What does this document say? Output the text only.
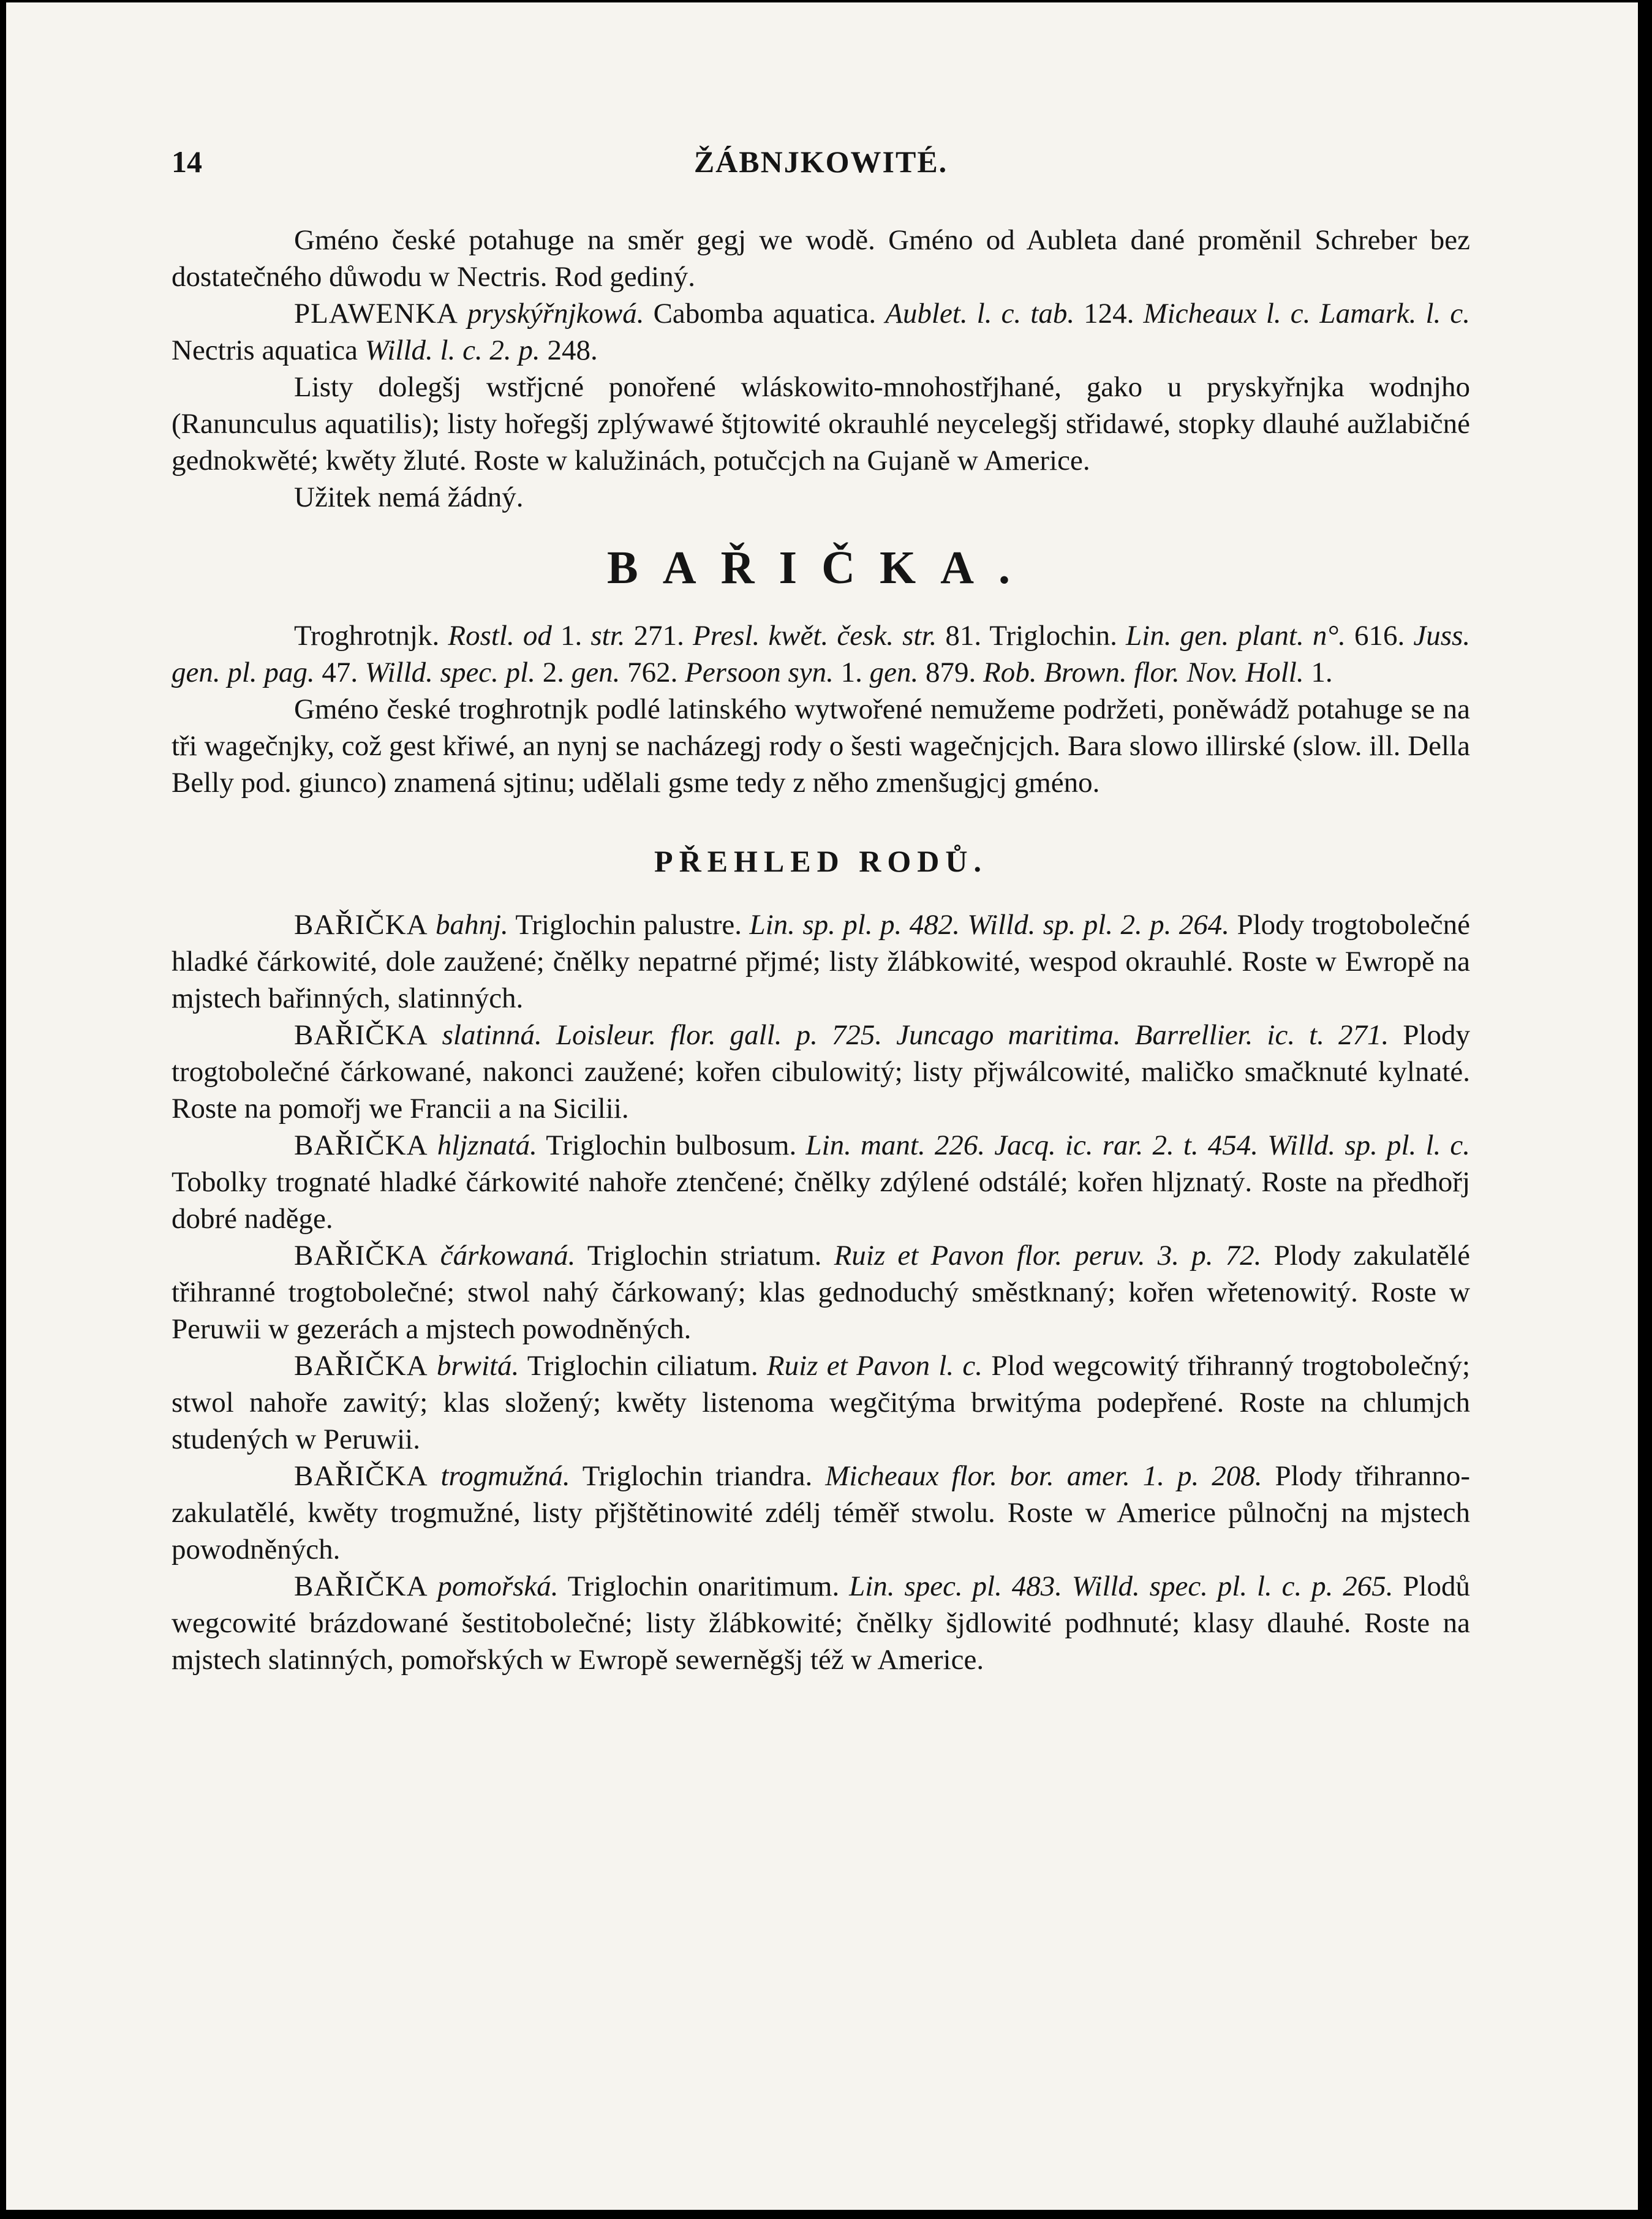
14	ŽÁBNJKOWITÉ.

Gméno české potahuge na směr gegj we wodě. Gméno od Aubleta dané proměnil Schreber bez dostatečného důwodu w Nectris. Rod gediný.

PLAWENKA pryskýřnjkowá. Cabomba aquatica. Aublet. l. c. tab. 124. Micheaux l. c. Lamark. l. c. Nectris aquatica Willd. l. c. 2. p. 248.

Listy dolegšj wstřjcné ponořené wláskowito-mnohostřjhané, gako u pryskyřnjka wodnjho (Ranunculus aquatilis); listy hořegšj zplýwawé štjtowité okrauhlé neycelegšj střidawé, stopky dlauhé aužlabičné gednokwěté; kwěty žluté. Roste w kalužinách, potučcjch na Gujaně w Americe.

Užitek nemá žádný.

BAŘIČKA.

Troghrotnjk. Rostl. od 1. str. 271. Presl. kwět. česk. str. 81. Triglochin. Lin. gen. plant. n°. 616. Juss. gen. pl. pag. 47. Willd. spec. pl. 2. gen. 762. Persoon syn. 1. gen. 879. Rob. Brown. flor. Nov. Holl. 1.

Gméno české troghrotnjk podlé latinského wytwořené nemužeme podržeti, poněwádž potahuge se na tři wagečnjky, což gest křiwé, an nynj se nacházegj rody o šesti wagečnjcjch. Bara slowo illirské (slow. ill. Della Belly pod. giunco) znamená sjtinu; udělali gsme tedy z něho zmenšugjcj gméno.

PŘEHLED RODŮ.

BAŘIČKA bahnj. Triglochin palustre. Lin. sp. pl. p. 482. Willd. sp. pl. 2. p. 264. Plody trogtobolečné hladké čárkowité, dole zaužené; čnělky nepatrné přjmé; listy žlábkowité, wespod okrauhlé. Roste w Ewropě na mjstech bařinných, slatinných.

BAŘIČKA slatinná. Loisleur. flor. gall. p. 725. Juncago maritima. Barrellier. ic. t. 271. Plody trogtobolečné čárkowané, nakonci zaužené; kořen cibulowitý; listy přjwálcowité, maličko smačknuté kylnaté. Roste na pomořj we Francii a na Sicilii.

BAŘIČKA hljznatá. Triglochin bulbosum. Lin. mant. 226. Jacq. ic. rar. 2. t. 454. Willd. sp. pl. l. c. Tobolky trognaté hladké čárkowité nahoře ztenčené; čnělky zdýlené odstálé; kořen hljznatý. Roste na předhořj dobré naděge.

BAŘIČKA čárkowaná. Triglochin striatum. Ruiz et Pavon flor. peruv. 3. p. 72. Plody zakulatělé třihranné trogtobolečné; stwol nahý čárkowaný; klas gednoduchý směstknaný; kořen wřetenowitý. Roste w Peruwii w gezerách a mjstech powodněných.

BAŘIČKA brwitá. Triglochin ciliatum. Ruiz et Pavon l. c. Plod wegcowitý třihranný trogtobolečný; stwol nahoře zawitý; klas složený; kwěty listenoma wegčitýma brwitýma podepřené. Roste na chlumjch studených w Peruwii.

BAŘIČKA trogmužná. Triglochin triandra. Micheaux flor. bor. amer. 1. p. 208. Plody třihranno-zakulatělé, kwěty trogmužné, listy přjštětinowité zdélj téměř stwolu. Roste w Americe půlnočnj na mjstech powodněných.

BAŘIČKA pomořská. Triglochin onaritimum. Lin. spec. pl. 483. Willd. spec. pl. l. c. p. 265. Plodů wegcowité brázdowané šestitobolečné; listy žlábkowité; čnělky šjdlowité podhnuté; klasy dlauhé. Roste na mjstech slatinných, pomořských w Ewropě sewerněgšj též w Americe.
